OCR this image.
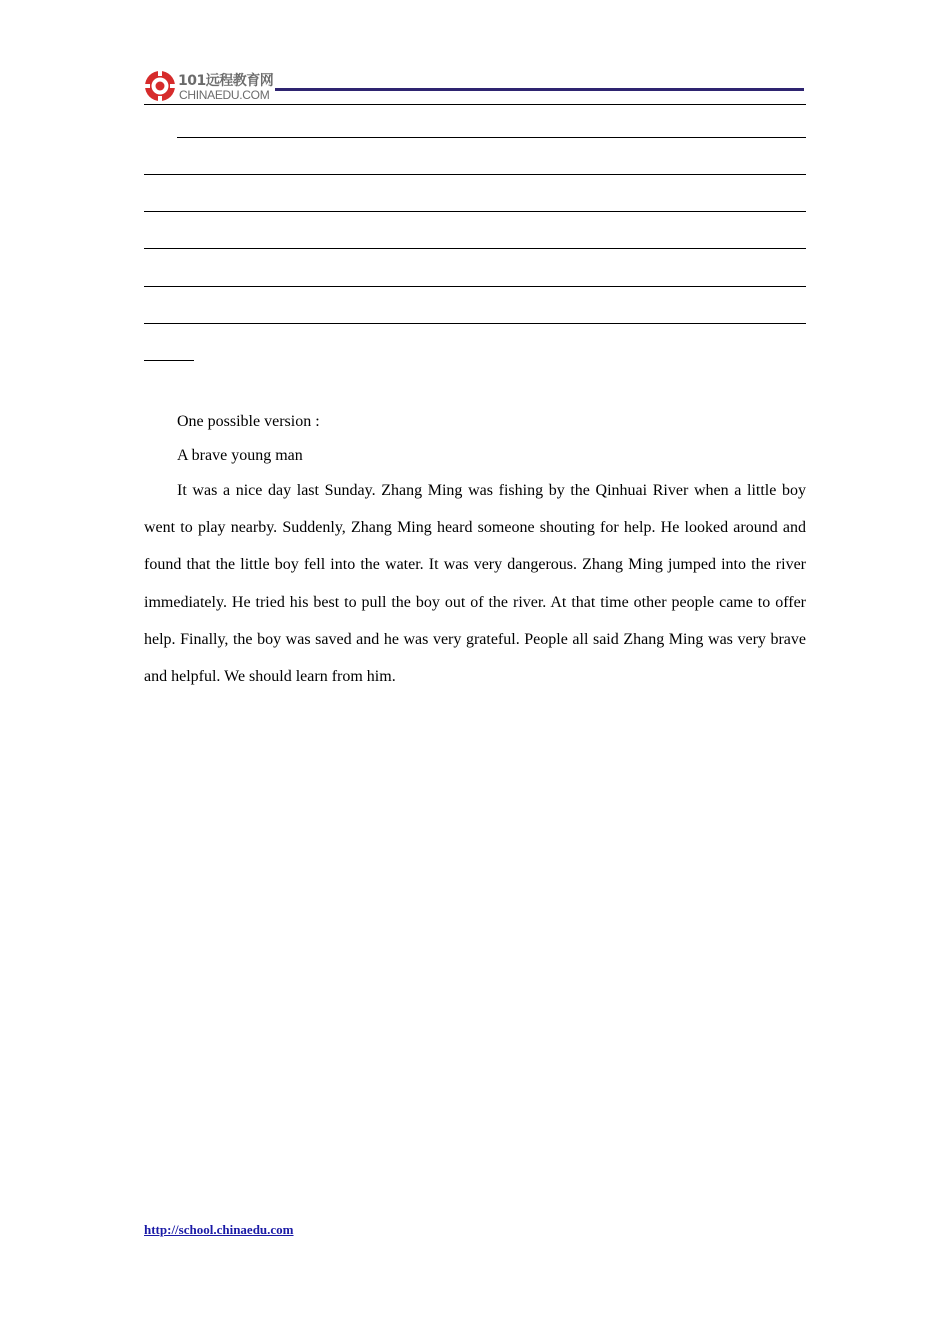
101远程教育网
CHINAEDU.COM
One possible version :
A brave young man
It was a nice day last Sunday. Zhang Ming was fishing by the Qinhuai River when a little boy went to play nearby. Suddenly, Zhang Ming heard someone shouting for help. He looked around and found that the little boy fell into the water. It was very dangerous. Zhang Ming jumped into the river immediately. He tried his best to pull the boy out of the river. At that time other people came to offer help. Finally, the boy was saved and he was very grateful. People all said Zhang Ming was very brave and helpful. We should learn from him.
http://school.chinaedu.com
